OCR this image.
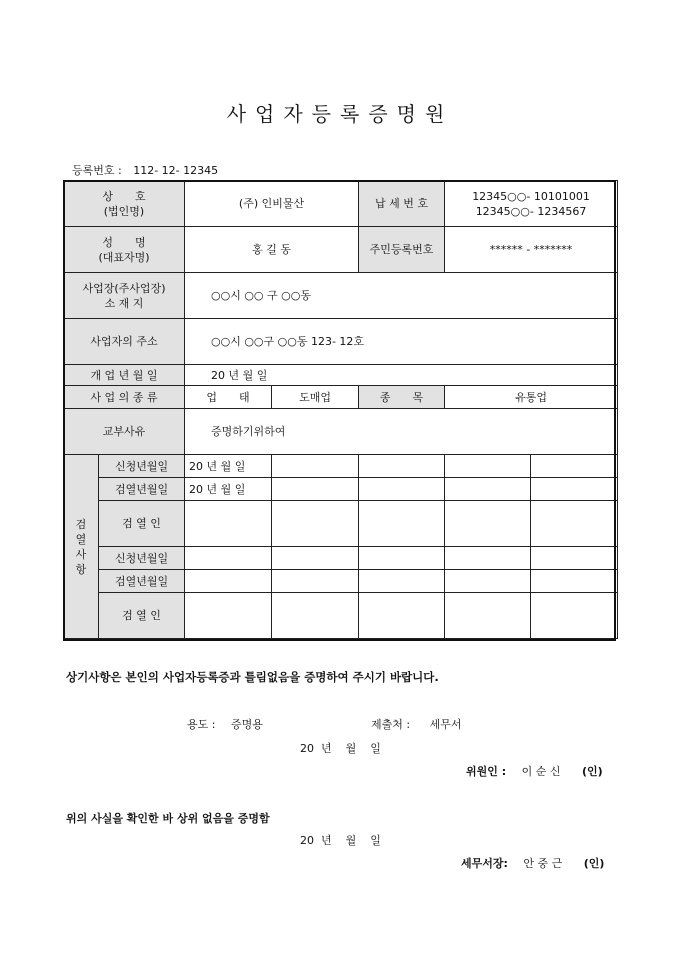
사업자등록증명원
등록번호 : 112- 12- 12345
상　　호
(법인명)		(주) 인비물산		납 세 번 호	12345○○- 10101001
12345○○- 1234567	

성　　명
(대표자명)		홍 길 동		주민등록번호	****** - *******	

사업장(주사업장)
소 재 지		○○시 ○○ 구 ○○동				
사업자의 주소		○○시 ○○구 ○○동 123- 12호				
개 업 년 월 일		20 년 월 일				
사 업 의 종 류		업　　태	도매업	종　　목	유통업	
교부사유		증명하기위하여				

검
열
사
항	신청년월일	20 년 월 일				
	검열년월일	20 년 월 일				
	검 열 인					
	신청년월일					
	검열년월일					
	검 열 인					
상기사항은 본인의 사업자등록증과 틀림없음을 증명하여 주시기 바랍니다.
용도 : 증명용	제출처 : 세무서
20  년    월    일
위원인 : 이 순 신 (인)
위의 사실을 확인한 바 상위 없음을 증명함
20  년    월    일
세무서장: 안 중 근 (인)
